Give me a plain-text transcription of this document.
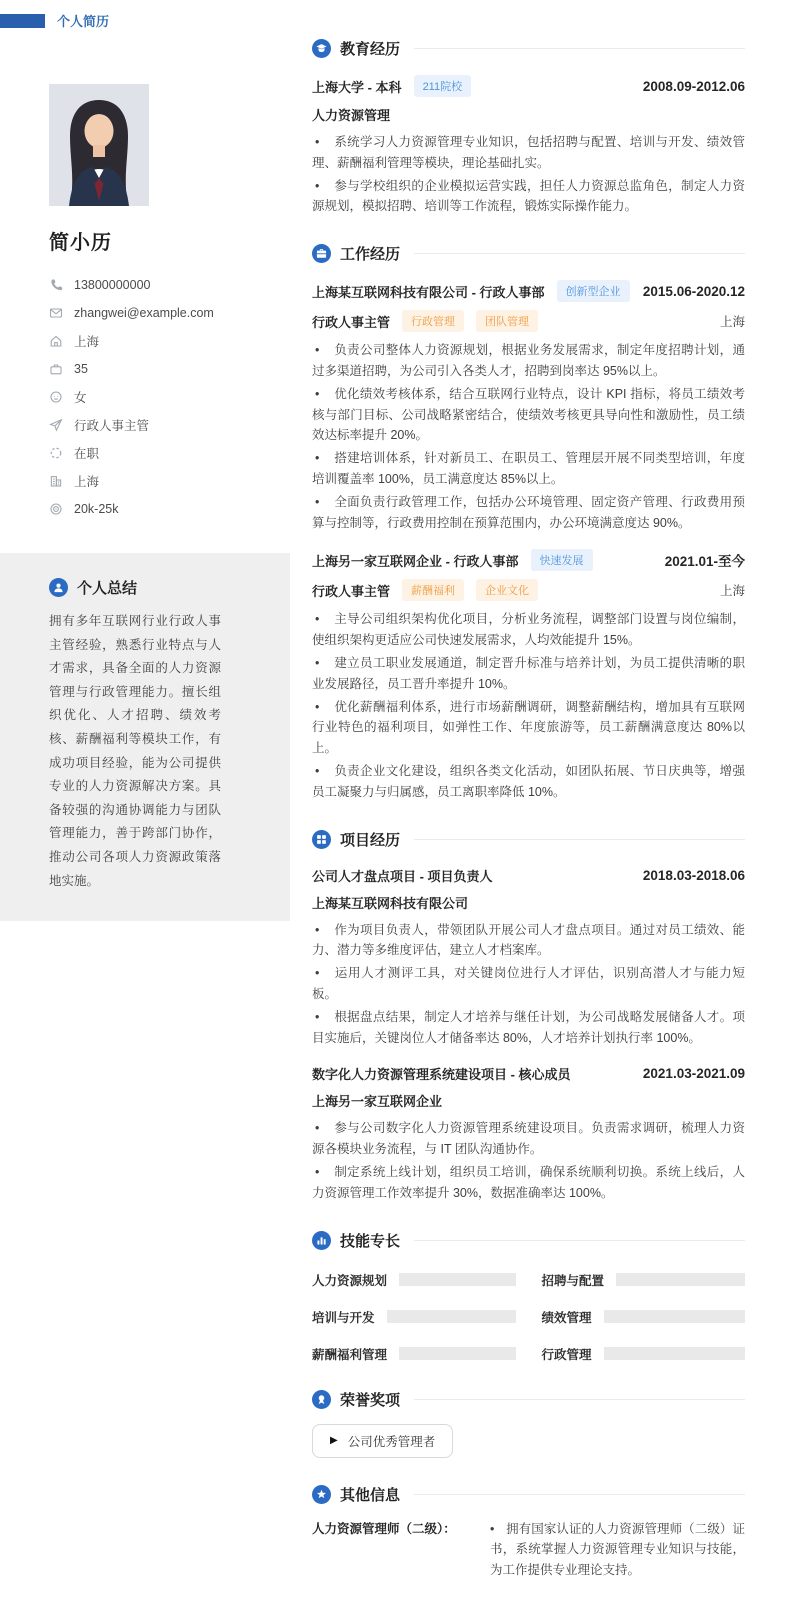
个人简历
简小历
13800000000
zhangwei@example.com
上海
35
女
行政人事主管
在职
上海
20k-25k
个人总结

拥有多年互联网行业行政人事主管经验，熟悉行业特点与人才需求，具备全面的人力资源管理与行政管理能力。擅长组织优化、人才招聘、绩效考核、薪酬福利等模块工作，有成功项目经验，能为公司提供专业的人力资源解决方案。具备较强的沟通协调能力与团队管理能力，善于跨部门协作，推动公司各项人力资源政策落地实施。

教育经历
上海大学 - 本科	211院校	2008.09-2012.06
人力资源管理
• 系统学习人力资源管理专业知识，包括招聘与配置、培训与开发、绩效管理、薪酬福利管理等模块，理论基础扎实。
• 参与学校组织的企业模拟运营实践，担任人力资源总监角色，制定人力资源规划，模拟招聘、培训等工作流程，锻炼实际操作能力。
工作经历
上海某互联网科技有限公司 - 行政人事部	创新型企业	2015.06-2020.12
行政人事主管	行政管理	团队管理	上海
• 负责公司整体人力资源规划，根据业务发展需求，制定年度招聘计划，通过多渠道招聘，为公司引入各类人才，招聘到岗率达 95%以上。
• 优化绩效考核体系，结合互联网行业特点，设计 KPI 指标，将员工绩效考核与部门目标、公司战略紧密结合，使绩效考核更具导向性和激励性，员工绩效达标率提升 20%。
• 搭建培训体系，针对新员工、在职员工、管理层开展不同类型培训，年度培训覆盖率 100%，员工满意度达 85%以上。
• 全面负责行政管理工作，包括办公环境管理、固定资产管理、行政费用预算与控制等，行政费用控制在预算范围内，办公环境满意度达 90%。
上海另一家互联网企业 - 行政人事部	快速发展	2021.01-至今
行政人事主管	薪酬福利	企业文化	上海
• 主导公司组织架构优化项目，分析业务流程，调整部门设置与岗位编制，使组织架构更适应公司快速发展需求，人均效能提升 15%。
• 建立员工职业发展通道，制定晋升标准与培养计划，为员工提供清晰的职业发展路径，员工晋升率提升 10%。
• 优化薪酬福利体系，进行市场薪酬调研，调整薪酬结构，增加具有互联网行业特色的福利项目，如弹性工作、年度旅游等，员工薪酬满意度达 80%以上。
• 负责企业文化建设，组织各类文化活动，如团队拓展、节日庆典等，增强员工凝聚力与归属感，员工离职率降低 10%。
项目经历
公司人才盘点项目 - 项目负责人	2018.03-2018.06
上海某互联网科技有限公司
• 作为项目负责人，带领团队开展公司人才盘点项目。通过对员工绩效、能力、潜力等多维度评估，建立人才档案库。
• 运用人才测评工具，对关键岗位进行人才评估，识别高潜人才与能力短板。
• 根据盘点结果，制定人才培养与继任计划，为公司战略发展储备人才。项目实施后，关键岗位人才储备率达 80%，人才培养计划执行率 100%。
数字化人力资源管理系统建设项目 - 核心成员	2021.03-2021.09
上海另一家互联网企业
• 参与公司数字化人力资源管理系统建设项目。负责需求调研，梳理人力资源各模块业务流程，与 IT 团队沟通协作。
• 制定系统上线计划，组织员工培训，确保系统顺利切换。系统上线后，人力资源管理工作效率提升 30%，数据准确率达 100%。
技能专长
人力资源规划	招聘与配置
培训与开发	绩效管理
薪酬福利管理	行政管理
荣誉奖项
▶ 公司优秀管理者
其他信息
人力资源管理师（二级）：	• 拥有国家认证的人力资源管理师（二级）证书，系统掌握人力资源管理专业知识与技能，为工作提供专业理论支持。
